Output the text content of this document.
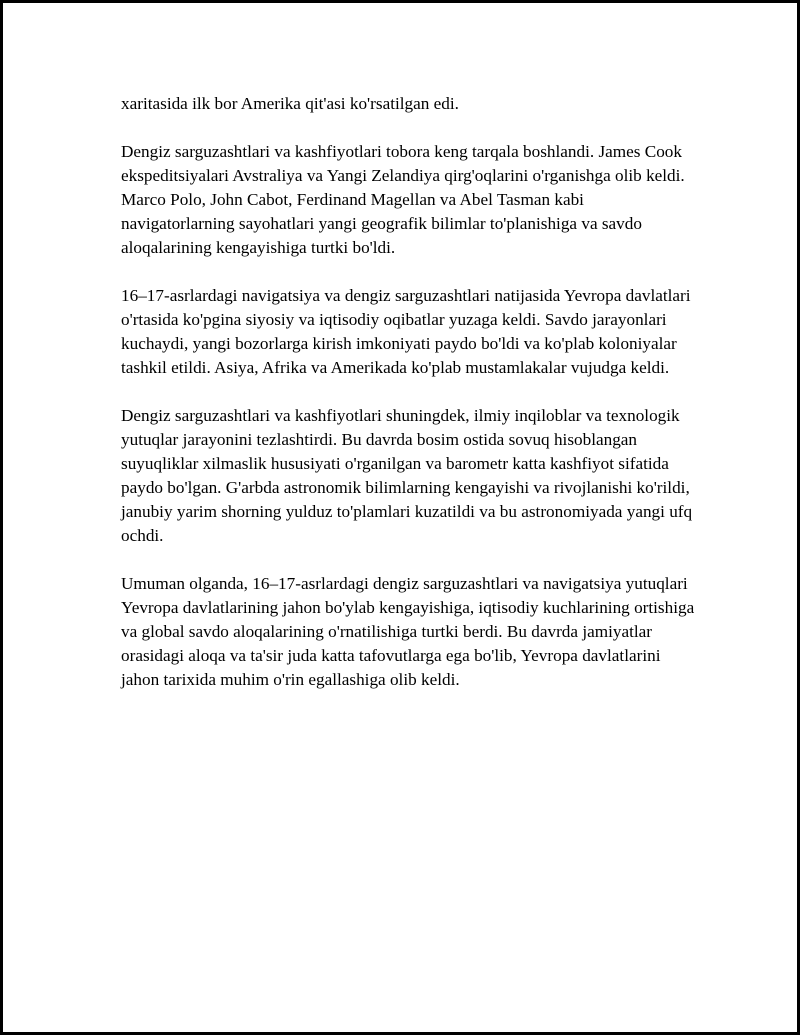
xaritasida ilk bor Amerika qit'asi ko'rsatilgan edi.

Dengiz sarguzashtlari va kashfiyotlari tobora keng tarqala boshlandi. James Cook ekspeditsiyalari Avstraliya va Yangi Zelandiya qirg'oqlarini o'rganishga olib keldi. Marco Polo, John Cabot, Ferdinand Magellan va Abel Tasman kabi navigatorlarning sayohatlari yangi geografik bilimlar to'planishiga va savdo aloqalarining kengayishiga turtki bo'ldi.

16–17-asrlardagi navigatsiya va dengiz sarguzashtlari natijasida Yevropa davlatlari o'rtasida ko'pgina siyosiy va iqtisodiy oqibatlar yuzaga keldi. Savdo jarayonlari kuchaydi, yangi bozorlarga kirish imkoniyati paydo bo'ldi va ko'plab koloniyalar tashkil etildi. Asiya, Afrika va Amerikada ko'plab mustamlakalar vujudga keldi.

Dengiz sarguzashtlari va kashfiyotlari shuningdek, ilmiy inqiloblar va texnologik yutuqlar jarayonini tezlashtirdi. Bu davrda bosim ostida sovuq hisoblangan suyuqliklar xilmaslik hususiyati o'rganilgan va barometr katta kashfiyot sifatida paydo bo'lgan. G'arbda astronomik bilimlarning kengayishi va rivojlanishi ko'rildi, janubiy yarim shorning yulduz to'plamlari kuzatildi va bu astronomiyada yangi ufq ochdi.

Umuman olganda, 16–17-asrlardagi dengiz sarguzashtlari va navigatsiya yutuqlari Yevropa davlatlarining jahon bo'ylab kengayishiga, iqtisodiy kuchlarining ortishiga va global savdo aloqalarining o'rnatilishiga turtki berdi. Bu davrda jamiyatlar orasidagi aloqa va ta'sir juda katta tafovutlarga ega bo'lib, Yevropa davlatlarini jahon tarixida muhim o'rin egallashiga olib keldi.
